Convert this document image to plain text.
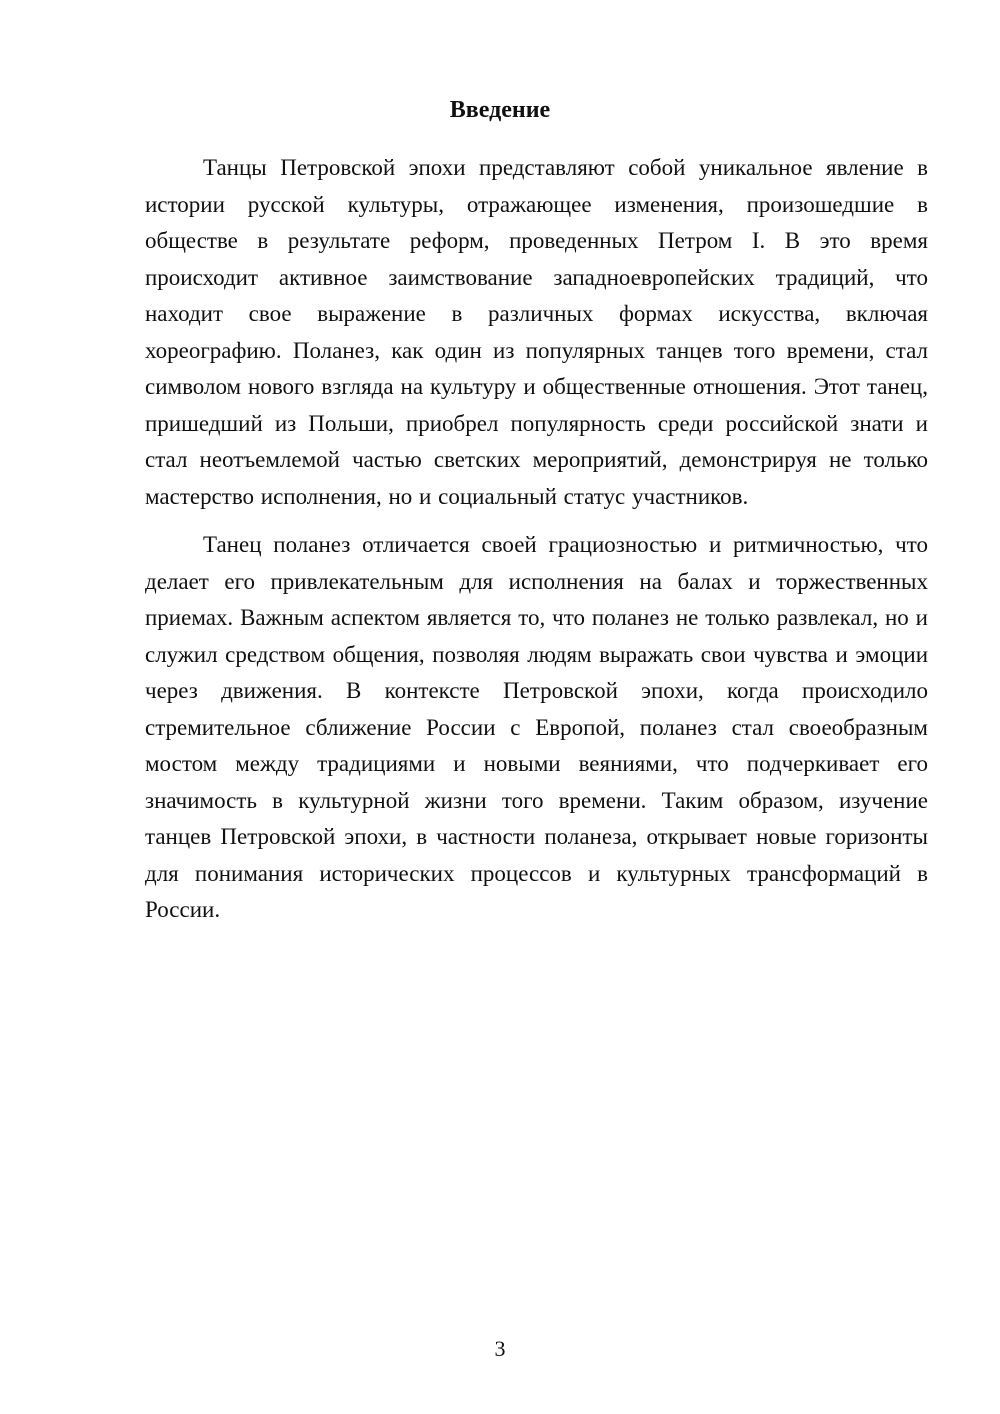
Введение

Танцы Петровской эпохи представляют собой уникальное явление в истории русской культуры, отражающее изменения, произошедшие в обществе в результате реформ, проведенных Петром I. В это время происходит активное заимствование западноевропейских традиций, что находит свое выражение в различных формах искусства, включая хореографию. Поланез, как один из популярных танцев того времени, стал символом нового взгляда на культуру и общественные отношения. Этот танец, пришедший из Польши, приобрел популярность среди российской знати и стал неотъемлемой частью светских мероприятий, демонстрируя не только мастерство исполнения, но и социальный статус участников.

Танец поланез отличается своей грациозностью и ритмичностью, что делает его привлекательным для исполнения на балах и торжественных приемах. Важным аспектом является то, что поланез не только развлекал, но и служил средством общения, позволяя людям выражать свои чувства и эмоции через движения. В контексте Петровской эпохи, когда происходило стремительное сближение России с Европой, поланез стал своеобразным мостом между традициями и новыми веяниями, что подчеркивает его значимость в культурной жизни того времени. Таким образом, изучение танцев Петровской эпохи, в частности поланеза, открывает новые горизонты для понимания исторических процессов и культурных трансформаций в России.

3
